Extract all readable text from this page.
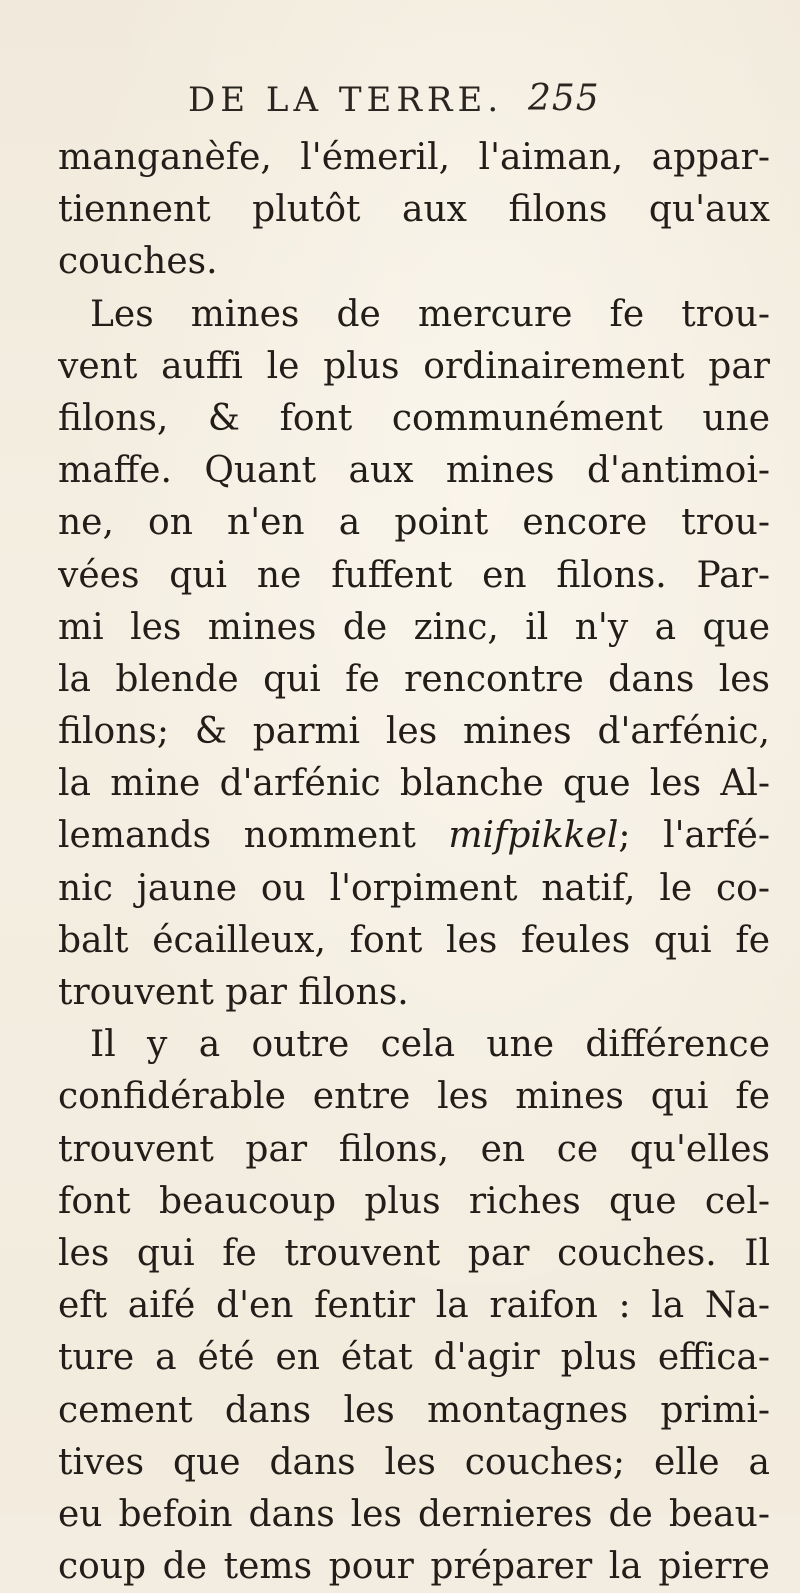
DE LA TERRE. 255
manganèfe, l'émeril, l'aiman, appar-
tiennent plutôt aux filons qu'aux
couches.
Les mines de mercure fe trou-
vent auffi le plus ordinairement par
filons, & font communément une
maffe. Quant aux mines d'antimoi-
ne, on n'en a point encore trou-
vées qui ne fuffent en filons. Par-
mi les mines de zinc, il n'y a que
la blende qui fe rencontre dans les
filons; & parmi les mines d'arfénic,
la mine d'arfénic blanche que les Al-
lemands nomment mifpikkel; l'arfé-
nic jaune ou l'orpiment natif, le co-
balt écailleux, font les feules qui fe
trouvent par filons.
Il y a outre cela une différence
confidérable entre les mines qui fe
trouvent par filons, en ce qu'elles
font beaucoup plus riches que cel-
les qui fe trouvent par couches. Il
eft aifé d'en fentir la raifon : la Na-
ture a été en état d'agir plus effica-
cement dans les montagnes primi-
tives que dans les couches; elle a
eu befoin dans les dernieres de beau-
coup de tems pour préparer la pierre
